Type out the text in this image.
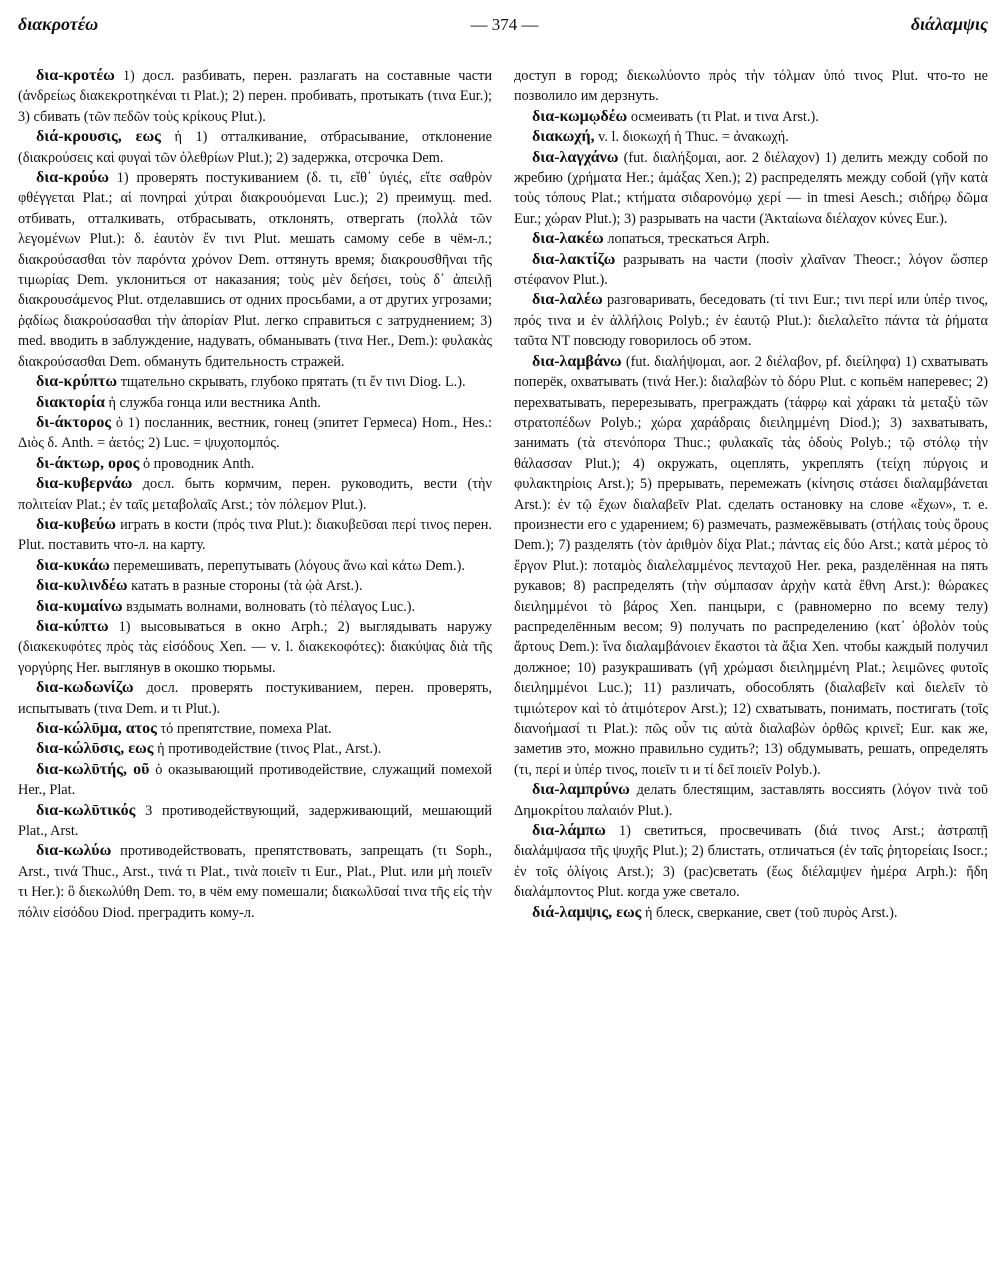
διακροτέω	— 374 —	διάλαμψις

δια-κροτέω 1) досл. разбивать, перен. разлагать на составные части (ἀνδρείως διακεκροτηκέναι τι Plat.); 2) перен. пробивать, протыкать (τινα Eur.); 3) сбивать (τῶν πεδῶν τοὺς κρίκους Plut.).

διά-κρουσις, εως ἡ 1) отталкивание, отбрасывание, отклонение (διακρούσεις καὶ φυγαὶ τῶν ὀλεθρίων Plut.); 2) задержка, отсрочка Dem.

δια-κρούω 1) проверять постукиванием (δ. τι, εἴθ᾽ ὑγιές, εἴτε σαθρὸν φθέγγεται Plat.; αἱ πονηραὶ χύτραι διακρουόμεναι Luc.); 2) преимущ. med. отбивать, отталкивать, отбрасывать, отклонять, отвергать (πολλὰ τῶν λεγομένων Plut.): δ. ἑαυτὸν ἔν τινι Plut. мешать самому себе в чём-л.; διακρούσασθαι τὸν παρόντα χρόνον Dem. оттянуть время; διακρουσθῆναι τῆς τιμωρίας Dem. уклониться от наказания; τοὺς μὲν δεήσει, τοὺς δ᾽ ἀπειλῇ διακρουσάμενος Plut. отделавшись от одних просьбами, а от других угрозами; ῥᾳδίως διακρούσασθαι τὴν ἀπορίαν Plut. легко справиться с затруднением; 3) med. вводить в заблуждение, надувать, обманывать (τινα Her., Dem.): φυλακὰς διακρούσασθαι Dem. обмануть бдительность стражей.

δια-κρύπτω тщательно скрывать, глубоко прятать (τι ἔν τινι Diog. L.).

διακτορία ἡ служба гонца или вестника Anth.

δι-άκτορος ὁ 1) посланник, вестник, гонец (эпитет Гермеса) Hom., Hes.: Διὸς δ. Anth. = ἀετός; 2) Luc. = ψυχοπομπός.

δι-άκτωρ, ορος ὁ проводник Anth.

δια-κυβερνάω досл. быть кормчим, перен. руководить, вести (τὴν πολιτείαν Plat.; ἐν ταῖς μεταβολαῖς Arst.; τὸν πόλεμον Plut.).

δια-κυβεύω играть в кости (πρός τινα Plut.): διακυβεῦσαι περί τινος перен. Plut. поставить что-л. на карту.

δια-κυκάω перемешивать, перепутывать (λόγους ἄνω καὶ κάτω Dem.).

δια-κυλινδέω катать в разные стороны (τὰ ᾠὰ Arst.).

δια-κυμαίνω вздымать волнами, волновать (τὸ πέλαγος Luc.).

δια-κύπτω 1) высовываться в окно Arph.; 2) выглядывать наружу (διακεκυφότες πρὸς τὰς εἰσόδους Xen. — v. l. διακεκοφότες): διακύψας διὰ τῆς γοργύρης Her. выглянув в окошко тюрьмы.

δια-κωδωνίζω досл. проверять постукиванием, перен. проверять, испытывать (τινα Dem. и τι Plut.).

δια-κώλῡμα, ατος τό препятствие, помеха Plat.

δια-κώλῡσις, εως ἡ противодействие (τινος Plat., Arst.).

δια-κωλῡτής, οῦ ὁ оказывающий противодействие, служащий помехой Her., Plat.

δια-κωλῡτικός 3 противодействующий, задерживающий, мешающий Plat., Arst.

δια-κωλύω противодействовать, препятствовать, запрещать (τι Soph., Arst., τινά Thuc., Arst., τινά τι Plat., τινὰ ποιεῖν τι Eur., Plat., Plut. или μὴ ποιεῖν τι Her.): ὃ διεκωλύθη Dem. то, в чём ему помешали; διακωλῦσαί τινα τῆς εἰς τὴν πόλιν εἰσόδου Diod. преградить кому-л.

доступ в город; διεκωλύοντο πρὸς τὴν τόλμαν ὑπό τινος Plut. что-то не позволило им дерзнуть.

δια-κωμῳδέω осмеивать (τι Plat. и τινα Arst.).

διακωχή, v. l. διοκωχή ἡ Thuc. = ἀνακωχή.

δια-λαγχάνω (fut. διαλήξομαι, aor. 2 διέλαχον) 1) делить между собой по жребию (χρήματα Her.; ἁμάξας Xen.); 2) распределять между собой (γῆν κατὰ τοὺς τόπους Plat.; κτήματα σιδαρονόμῳ χερί — in tmesi Aesch.; σιδήρῳ δῶμα Eur.; χώραν Plut.); 3) разрывать на части (Ἀκταίωνα διέλαχον κύνες Eur.).

δια-λακέω лопаться, трескаться Arph.

δια-λακτίζω разрывать на части (ποσὶν χλαῖναν Theocr.; λόγον ὥσπερ στέφανον Plut.).

δια-λαλέω разговаривать, беседовать (τί τινι Eur.; τινι περί или ὑπέρ τινος, πρός τινα и ἐν ἀλλήλοις Polyb.; ἐν ἑαυτῷ Plut.): διελαλεῖτο πάντα τὰ ῥήματα ταῦτα NT повсюду говорилось об этом.

δια-λαμβάνω (fut. διαλήψομαι, aor. 2 διέλαβον, pf. διείληφα) 1) схватывать поперёк, охватывать (τινά Her.): διαλαβὼν τὸ δόρυ Plut. с копьём наперевес; 2) перехватывать, перерезывать, преграждать (τάφρῳ καὶ χάρακι τὰ μεταξὺ τῶν στρατοπέδων Polyb.; χώρα χαράδραις διειλημμένη Diod.); 3) захватывать, занимать (τὰ στενόπορα Thuc.; φυλακαῖς τὰς ὁδοὺς Polyb.; τῷ στόλῳ τὴν θάλασσαν Plut.); 4) окружать, оцеплять, укреплять (τείχη πύργοις и φυλακτηρίοις Arst.); 5) прерывать, перемежать (κίνησις στάσει διαλαμβάνεται Arst.): ἐν τῷ ἔχων διαλαβεῖν Plat. сделать остановку на слове «ἔχων», т. е. произнести его с ударением; 6) размечать, размежёвывать (στήλαις τοὺς ὅρους Dem.); 7) разделять (τὸν ἀριθμὸν δίχα Plat.; πάντας εἰς δύο Arst.; κατὰ μέρος τὸ ἔργον Plut.): ποταμὸς διαλελαμμένος πενταχοῦ Her. река, разделённая на пять рукавов; 8) распределять (τὴν σύμπασαν ἀρχὴν κατὰ ἔθνη Arst.): θώρακες διειλημμένοι τὸ βάρος Xen. панцыри, с (равномерно по всему телу) распределённым весом; 9) получать по распределению (κατ᾽ ὀβολὸν τοὺς ἄρτους Dem.): ἵνα διαλαμβάνοιεν ἕκαστοι τὰ ἄξια Xen. чтобы каждый получил должное; 10) разукрашивать (γῆ χρώμασι διειλημμένη Plat.; λειμῶνες φυτοῖς διειλημμένοι Luc.); 11) различать, обособлять (διαλαβεῖν καὶ διελεῖν τὸ τιμιώτερον καὶ τὸ ἀτιμότερον Arst.); 12) схватывать, понимать, постигать (τοῖς διανοήμασί τι Plat.): πῶς οὖν τις αὐτὰ διαλαβὼν ὀρθῶς κρινεῖ; Eur. как же, заметив это, можно правильно судить?; 13) обдумывать, решать, определять (τι, περί и ὑπέρ τινος, ποιεῖν τι и τί δεῖ ποιεῖν Polyb.).

δια-λαμπρύνω делать блестящим, заставлять воссиять (λόγον τινὰ τοῦ Δημοκρίτου παλαιόν Plut.).

δια-λάμπω 1) светиться, просвечивать (διά τινος Arst.; ἀστραπῇ διαλάμψασα τῆς ψυχῆς Plut.); 2) блистать, отличаться (ἐν ταῖς ῥητορείαις Isocr.; ἐν τοῖς ὀλίγοις Arst.); 3) (рас)светать (ἕως διέλαμψεν ἡμέρα Arph.): ἤδη διαλάμποντος Plut. когда уже светало.

διά-λαμψις, εως ἡ блеск, сверкание, свет (τοῦ πυρὸς Arst.).
